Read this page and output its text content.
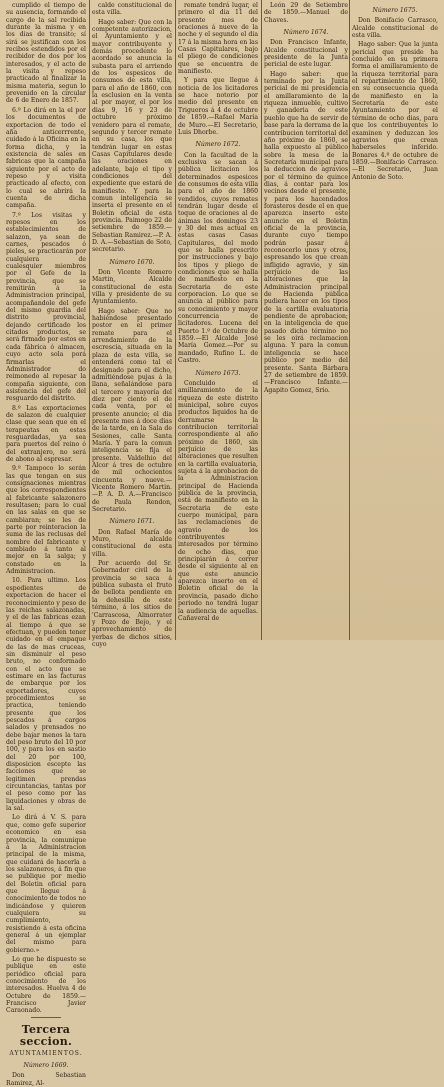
cumplido el tiempo de su ausencia, formando el cargo de la sal recibida durante la misma y en los dias de transito; sí sirá se justifican con los recibos estendidos por el recibidor de dos por los interesados, y el acto de la visita y repeso practicado al finalizar la misma materia, segun lo prevenido en la circular de 6 de Enero de 1857.

6.º Lo dirá en la el por los documentos de exportacion de todo el aña anticerrrente, cuidado á la Oficina en la forma dicha, y la existencia de sales en fabricas que la campaña siguiente por el acto de repeso y visita practicado al efecto, con lo cual se abrirá la cuenta de dicha campaña.

7.º Los visitas y repesos en los establecimientos de salazon, ya sean de carnes, pescados ó pieles, se practicarán por cualquiera de cualesquier miembros por el Gefe de la provincia, que se remitirán á la Administracion principal, acompañandole del gefe del mismo guardia del distrito provincial, dejando certificado los citados productos, se será firmado por estos en cada fábrica ó almacen, cuyo acto sola porá firmarlas el Administrador do reimonedo al repesar la compaña siguiente, con asistencia del gefe del resguardo del distrito.

8.º Las exportaciones de salazon de cualquier clase que sean que en el terapeutas en estas resguardadas, ya sea para puertos del reino ó del extranjero, no será de abono al espresar.

9.º Tampoco lo serán las que tengan en sus consignaciones mientras que los correspondientes al fabricante salazonero resultasen; para lo cual en las salas en que se cambiaran; se les de parte por reinteracion la suma de las reclusas del nombre del fabricante y cambiado á tanto al mejor en la salga; y constado en la Administracion.

10. Para ultimo. Los espedientes de exportacion de hacer el reconocimiento y peso de las reichas salazonadas, y el de las fabricas ezan al tiempo á que se efectuan, y pueden tener cuidado en el empaque de las de mas cruceas, sin disminuir el peso bruto, no conformado con el acto que se estimare en las facturas de embarque por los exportadores, cuyos procedimientos se practica, teniendo presente que los pescados á cargos salados y prensados no debe bajar menos la tara del peso bruto del 10 por 100, y para los en sastio del 20 por 100, disposicion escepte las facciones que se legitimen prendas circuntancias, tantas por el peso como por las liquidaciones y obras de la sal.

Lo dirá á V. S. para que, como gefe superior economico en esa provincia, la comunique á la Administracion principal de la misma, que cuidará de hacerla a los salazoneros, á fin que se publique por medio del Boletin oficial para que llegue á conocimiento de todos no indicándose y quieren cualquiera su cumplimiento, resistiendo á esta oficina general á un ejemplar del mismo para gobierno.»

Lo que he dispuesto se publique en este periódico oficial para conocimiento de los interesados. Huelva 4 de Octubre de 1859.—Francisco Javier Caraonado.

Tercera seccion.

AYUNTAMIENTOS.

Número 1669.

Don Sebastian Ramirez, Al-

calde constitucional de esta villa.

Hago saber: Que con la competente autorizacion, el Ayuntamiento y el mayor contribuyente y demás procedente lo acordado se anuncia la subasta para el arriendo de los espesicos de consumos de esta villa, para el año de 1860, con la esclusion en la venta al por mayor, el por los dias 9, 16 y 23 de octubre próximo venidero para el remate, segundo y tercer remate en su casa, los que tendrán lugar en estas Casas Capitulares desde las oraciones en adelante, bajo el tipo y condiciones del expediente que estará de manifiesto. Y para la comun inteligencia se inserta el presente en el Boletin oficial de esta provincia. Paimogo 22 de setiembre de 1859.—Sebastian Ramirez.—P. A. D. A.—Sebastian de Soto, secretario.

Número 1670.

Don Vicente Romero Martin, Alcalde constitucional de esta villa y presidente de su Ayuntamiento.

Hago saber: Que no habiéndose presentado postor en el primer remate para el arrendamiento de la escrescia, situada en la plaza de esta villa, se entenderá como tal el designado para el dicho, admitiéndose pujas á la llana, señalándose para el tercero y mayoría del diez por ciento el de cada venta, por el presente anuncio; el dia presente mes á doce dias de la tarde, en la Sala de Sesiones, calle Santa María. Y para la comun inteligencia se fija el presente. Valdelhio del Alcor á tres de octubre de mil ochocientos cincuenta y nueve.—Vicente Romero Martin.—P. A. D. A.—Francisco de Paula Rendon, Secretario.

Número 1671.

Don Rafael María de Muro, alcalde constitucional de esta villa.

Por acuerdo del Sr. Gobernador civil de la provincia se saca á pública subasta el fruto de bellota pendiente en la dehesilla de este término, á los sitios de 'Carrascosa, Almorrater y Pozo de Bejo, y el aprovechamiento de yerbas de dichos sitios, cuyo

remate tendrá lugar, el primero el dia 11 del presente mes de oraciones á nueve de la noche y el segundo el dia 17 á la misma hora en las Casas Capitulares, bajo el pliego de condiciones que se encuentra de manifiesto.

Y para que llegue á noticia de los licitadores se hace notorio por medio del presente en Trigueros á 4 de octubre de 1859.—Rafael María de Muro.—El Secretario, Luis Dhorbe.

Número 1672.

Con la facultad de la exclusiva se sacan á pública licitacion los determinados espesicos de consumos de esta villa para el año de 1860 vendidos, cuyos remates tendrán lugar desde el toque de oraciones al de ánimas los domingos 23 y 30 del mes actual en estas casas Casas Capitulares, del modo que se halla prescrito por instrucciones y bajo los tipos y pliego de condiciones que se halla de manifiesto en la Secretaria de este corporacion. Lo que se anuncia al público para su conocimiento y mayor concurrencia de licitadores. Lucena del Puerto 1.º de Octubre de 1859.—El Alcalde José María Gomez.—Por su mandado, Rufino L. de Castro.

Número 1673.

Concluido el amillaramiento de la riqueza de este distrito municipal, sobre cuyos productos liquidos ha de derramarse la contribucion territorial correspondiente al año próximo de 1860, sin perjuicio de las alteraciones que resulten en la cartilla evaluatoria, sujeta á la aprobacion de la Administracion principal de Hacienda pública de la provincia, está de manifiesto en la Secretaria de este cuerpo municipal, para las reclamaciones de agravio de los contribuyentes interesados por término de ocho dias, que principiarán á correr desde el siguiente al en que este anuncio aparezca inserto en el Boletin oficial de la provincia, pasado dicho periodo no tendrá lugar la audiencia de aquellas. Cañaveral de

León 29 de Setiembre de 1859.—Manuel de Chaves.

Número 1674.

Don Francisco Infante, Alcalde constitucional y presidente de la Junta pericial de este lugar.

Hago saber: que terminado por la Junta pericial de mi presidencia el amillaramiento de la riqueza inmueble, cultivo y ganaderia de este pueblo que ha de servir de base para la derrama de la contribucion territorial del año próximo de 1860, se halla expuesto al público sobre la mesa de la Secretaría municipal para la deduccion de agravios por el término de quince dias, á contar para los vecinos desde el presente, y para los hacendados forasteros desde el en que aparezca inserto este anuncio en el Boletin oficial de la provincia, durante cuyo tiempo podrán pasar á reconocerlo unos y otros, espresando los que crean infligido agravio, y sin perjuicio de las alteraciones que la Administracion principal de Hacienda pública pudiera hacer en los tipos de la cartilla evaluatoria pendiente de aprobacion; en la inteligencia de que pasado dicho término no se les oirá reclamacion alguna. Y para la comun inteligencia se hace público por medio del presente. Santa Bárbara 27 de setiembre de 1859.—Francisco Infante.—Agapito Gomez, Srio.

Número 1675.

Don Bonifacio Carrasco, Alcalde constitucional de esta villa.

Hago saber: Que la junta pericial que preside ha concluido en su primera forma el amillaramiento de la riqueza territorial para el repartimiento de 1860, en su consecuencia queda de manifiesto en la Secretaría de este Ayuntamiento por el término de ocho dias, para que los contribuyentes lo examinen y deduzcan los agravios que crean haberseles inferido. Bonares 4.º de octubre de 1859.—Bonifacio Carrasco.—El Secretario, Juan Antonio de Soto.
